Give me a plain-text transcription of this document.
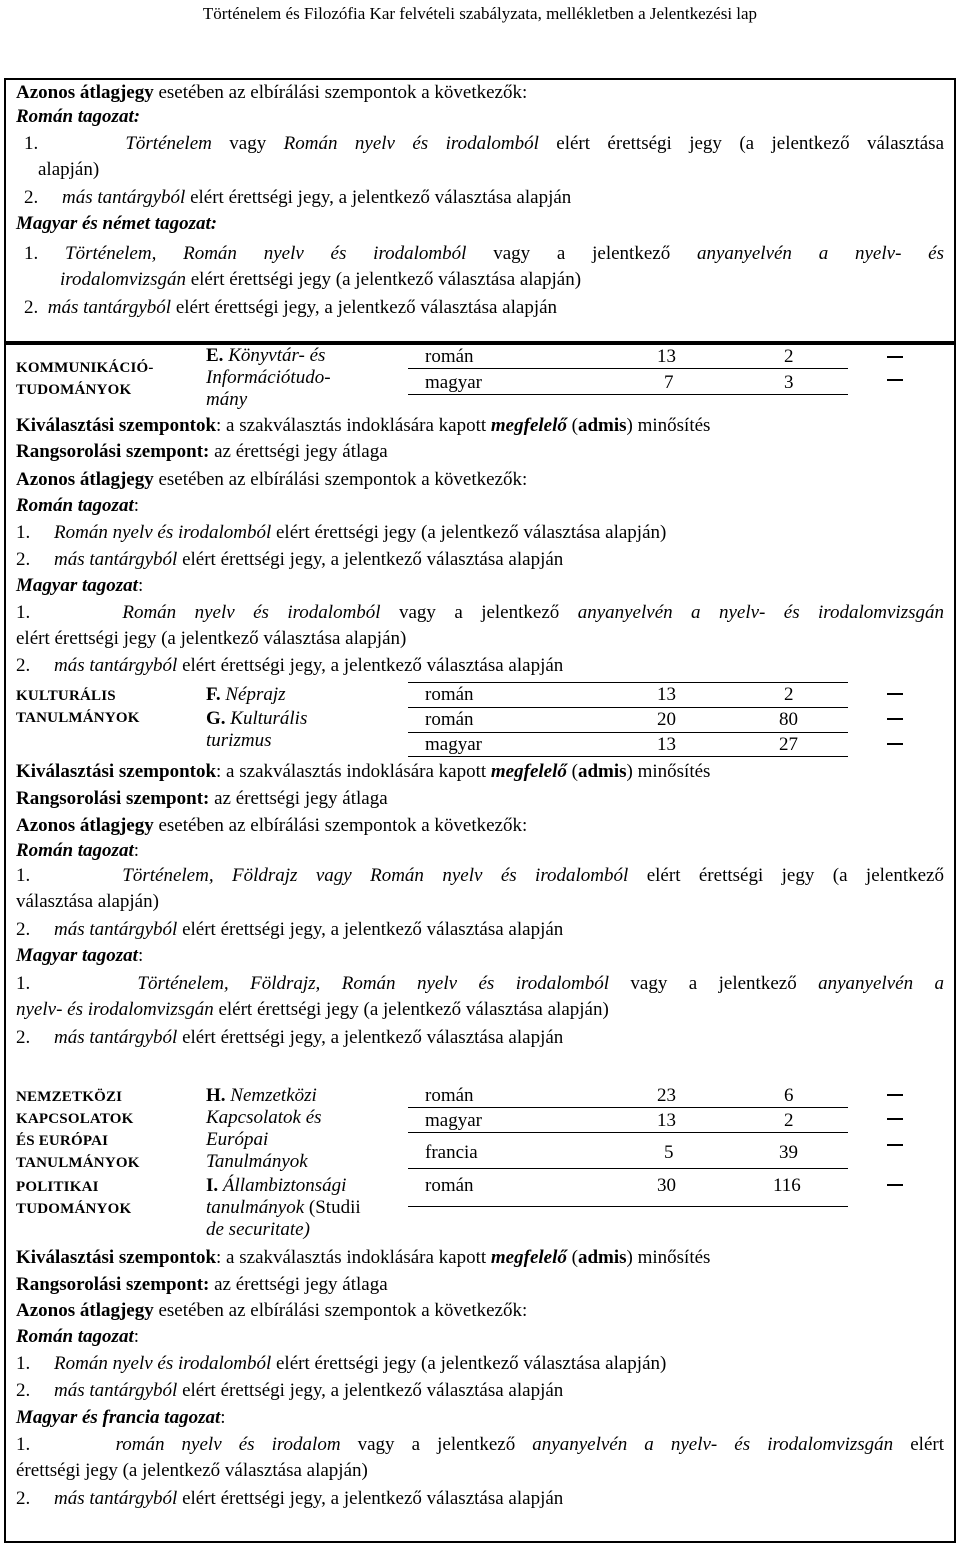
Történelem és Filozófia Kar felvételi szabályzata, mellékletben a Jelentkezési lap
Azonos átlagjegy esetében az elbírálási szempontok a következők:
Román tagozat:
1.	Történelem vagy Román nyelv és irodalomból elért érettségi jegy (a jelentkező választása
alapján)
2. más tantárgyból elért érettségi jegy, a jelentkező választása alapján
Magyar és német tagozat:
1. Történelem, Román nyelv és irodalomból vagy a jelentkező anyanyelvén a nyelv- és
irodalomvizsgán elért érettségi jegy (a jelentkező választása alapján)
2. más tantárgyból elért érettségi jegy, a jelentkező választása alapján
KOMMUNIKÁCIÓ-
TUDOMÁNYOK
E. Könyvtár- és
Információtudo-
mány
román	13	2
magyar	7	3
Kiválasztási szempontok: a szakválasztás indoklására kapott megfelelő (admis) minősítés
Rangsorolási szempont: az érettségi jegy átlaga
Azonos átlagjegy esetében az elbírálási szempontok a következők:
Román tagozat:
1. Román nyelv és irodalomból elért érettségi jegy (a jelentkező választása alapján)
2. más tantárgyból elért érettségi jegy, a jelentkező választása alapján
Magyar tagozat:
1.	Román nyelv és irodalomból vagy a jelentkező anyanyelvén a nyelv- és irodalomvizsgán
elért érettségi jegy (a jelentkező választása alapján)
2. más tantárgyból elért érettségi jegy, a jelentkező választása alapján
KULTURÁLIS
TANULMÁNYOK
F. Néprajz
G. Kulturális
turizmus
román	13	2
román	20	80
magyar	13	27
Kiválasztási szempontok: a szakválasztás indoklására kapott megfelelő (admis) minősítés
Rangsorolási szempont: az érettségi jegy átlaga
Azonos átlagjegy esetében az elbírálási szempontok a következők:
Román tagozat:
1.	Történelem, Földrajz vagy Román nyelv és irodalomból elért érettségi jegy (a jelentkező
választása alapján)
2. más tantárgyból elért érettségi jegy, a jelentkező választása alapján
Magyar tagozat:
1.	Történelem, Földrajz, Román nyelv és irodalomból vagy a jelentkező anyanyelvén a
nyelv- és irodalomvizsgán elért érettségi jegy (a jelentkező választása alapján)
2. más tantárgyból elért érettségi jegy, a jelentkező választása alapján
NEMZETKÖZI
KAPCSOLATOK
ÉS EURÓPAI
TANULMÁNYOK
POLITIKAI
TUDOMÁNYOK
H. Nemzetközi
Kapcsolatok és
Európai
Tanulmányok
I. Állambiztonsági
tanulmányok (Studii
de securitate)
román	23	6
magyar	13	2
francia	5	39
román	30	116
Kiválasztási szempontok: a szakválasztás indoklására kapott megfelelő (admis) minősítés
Rangsorolási szempont: az érettségi jegy átlaga
Azonos átlagjegy esetében az elbírálási szempontok a következők:
Román tagozat:
1. Román nyelv és irodalomból elért érettségi jegy (a jelentkező választása alapján)
2. más tantárgyból elért érettségi jegy, a jelentkező választása alapján
Magyar és francia tagozat:
1.	román nyelv és irodalom vagy a jelentkező anyanyelvén a nyelv- és irodalomvizsgán elért
érettségi jegy (a jelentkező választása alapján)
2. más tantárgyból elért érettségi jegy, a jelentkező választása alapján
